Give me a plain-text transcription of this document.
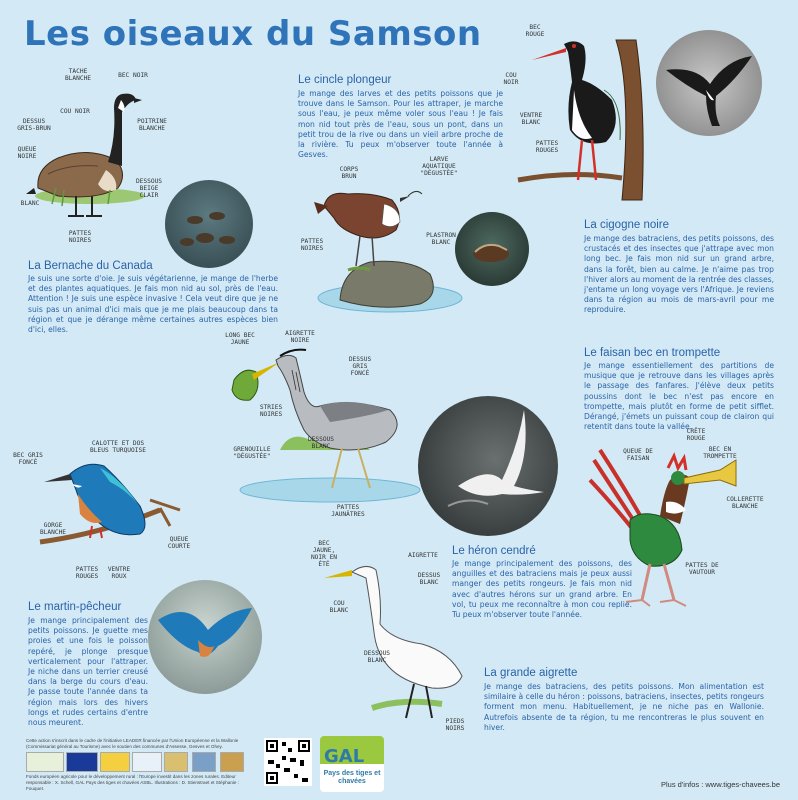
Les oiseaux du Samson
TACHE BLANCHE	BEC NOIR
COU NOIR
DESSUS GRIS-BRUN
POITRINE BLANCHE
QUEUE NOIRE
DESSOUS BEIGE CLAIR
BLANC
PATTES NOIRES
La Bernache du Canada
Je suis une sorte d'oie. Je suis végétarienne, je mange de l'herbe et des plantes aquatiques. Je fais mon nid au sol, près de l'eau. Attention ! Je suis une espèce invasive ! Cela veut dire que je ne suis pas un animal d'ici mais que je me plais beaucoup dans ta région et que je dérange même certaines autres espèces bien d'ici, elles.
Le cincle plongeur
Je mange des larves et des petits poissons que je trouve dans le Samson. Pour les attraper, je marche sous l'eau, je peux même voler sous l'eau ! Je fais mon nid tout près de l'eau, sous un pont, dans un petit trou de la rive ou dans un vieil arbre proche de la rivière. Tu peux m'observer toute l'année à Gesves.
CORPS BRUN
LARVE AQUATIQUE "DÉGUSTÉE"
PLASTRON BLANC
PATTES NOIRES
BEC ROUGE
COU NOIR
VENTRE BLANC
PATTES ROUGES
La cigogne noire
Je mange des batraciens, des petits poissons, des crustacés et des insectes que j'attrape avec mon long bec. Je fais mon nid sur un grand arbre, dans la forêt, bien au calme. Je n'aime pas trop l'hiver alors au moment de la rentrée des classes, j'entame un long voyage vers l'Afrique. Je reviens dans ta région au mois de mars-avril pour me reproduire.
LONG BEC JAUNE
AIGRETTE NOIRE
DESSUS GRIS FONCÉ
STRIES NOIRES
GRENOUILLE "DÉGUSTÉE"
DESSOUS BLANC
PATTES JAUNÂTRES
Le héron cendré
Je mange principalement des poissons, des anguilles et des batraciens mais je peux aussi manger des petits rongeurs. Je fais mon nid avec d'autres hérons sur un grand arbre. En vol, tu peux me reconnaître à mon cou replié. Tu peux m'observer toute l'année.
Le faisan bec en trompette
Je mange essentiellement des partitions de musique que je retrouve dans les villages après le passage des fanfares. J'élève deux petits poussins dont le bec n'est pas encore en trompette, mais plutôt en forme de petit sifflet. Dérangé, j'émets un puissant coup de clairon qui retentit dans toute la vallée.
CRÊTE ROUGE
QUEUE DE FAISAN
BEC EN TROMPETTE
COLLERETTE BLANCHE
PATTES DE VAUTOUR
BEC GRIS FONCÉ
CALOTTE ET DOS BLEUS TURQUOISE
GORGE BLANCHE
QUEUE COURTE
PATTES ROUGES
VENTRE ROUX
Le martin-pêcheur
Je mange principalement des petits poissons. Je guette mes proies et une fois le poisson repéré, je plonge presque verticalement pour l'attraper. Je niche dans un terrier creusé dans la berge du cours d'eau. Je passe toute l'année dans ta région mais lors des hivers longs et rudes certains d'entre nous meurent.
BEC JAUNE, NOIR EN ÉTÉ
AIGRETTE
DESSUS BLANC
COU BLANC
DESSOUS BLANC
PIEDS NOIRS
La grande aigrette
Je mange des batraciens, des petits poissons. Mon alimentation est similaire à celle du héron : poissons, batraciens, insectes, petits rongeurs forment mon menu. Habituellement, je ne niche pas en Wallonie. Autrefois absente de ta région, tu me rencontreras le plus souvent en hiver.
Cette action s'inscrit dans le cadre de l'initiative LEADER financée par l'Union Européenne et la Wallonie (Commissariat général au Tourisme) avec le soutien des communes d'Assesse, Gesves et Ohey.
Fonds européen agricole pour le développement rural : l'Europe investit dans les zones rurales. Editeur responsable : X. Schell, GAL Pays des tiges et chavées ASBL. Illustrations : D. Stienstraet et Stéphanie : Fouquet.
GAL
Pays des tiges et chavées	Plus d'infos : www.tiges-chavees.be
